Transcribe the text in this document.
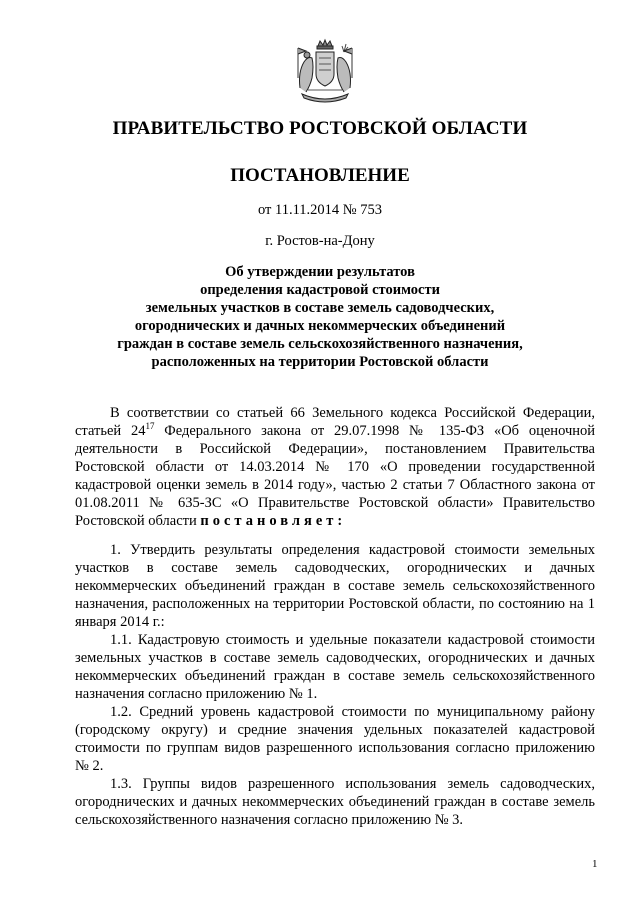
ПРАВИТЕЛЬСТВО РОСТОВСКОЙ ОБЛАСТИ
ПОСТАНОВЛЕНИЕ
от 11.11.2014 № 753
г. Ростов-на-Дону
Об утверждении результатов
определения кадастровой стоимости
земельных участков в составе земель садоводческих,
огороднических и дачных некоммерческих объединений
граждан в составе земель сельскохозяйственного назначения,
расположенных на территории Ростовской области

В соответствии со статьей 66 Земельного кодекса Российской Федерации, статьей $24^{17}$ Федерального закона от 29.07.1998 № 135-ФЗ «Об оценочной деятельности в Российской Федерации», постановлением Правительства Ростовской области от 14.03.2014 № 170 «О проведении государственной кадастровой оценки земель в 2014 году», частью 2 статьи 7 Областного закона от 01.08.2011 № 635-ЗС «О Правительстве Ростовской области» Правительство Ростовской области постановляет:

1. Утвердить результаты определения кадастровой стоимости земельных участков в составе земель садоводческих, огороднических и дачных некоммерческих объединений граждан в составе земель сельскохозяйственного назначения, расположенных на территории Ростовской области, по состоянию на 1 января 2014 г.:

1.1. Кадастровую стоимость и удельные показатели кадастровой стоимости земельных участков в составе земель садоводческих, огороднических и дачных некоммерческих объединений граждан в составе земель сельскохозяйственного назначения согласно приложению № 1.

1.2. Средний уровень кадастровой стоимости по муниципальному району (городскому округу) и средние значения удельных показателей кадастровой стоимости по группам видов разрешенного использования согласно приложению № 2.

1.3. Группы видов разрешенного использования земель садоводческих, огороднических и дачных некоммерческих объединений граждан в составе земель сельскохозяйственного назначения согласно приложению № 3.

1
